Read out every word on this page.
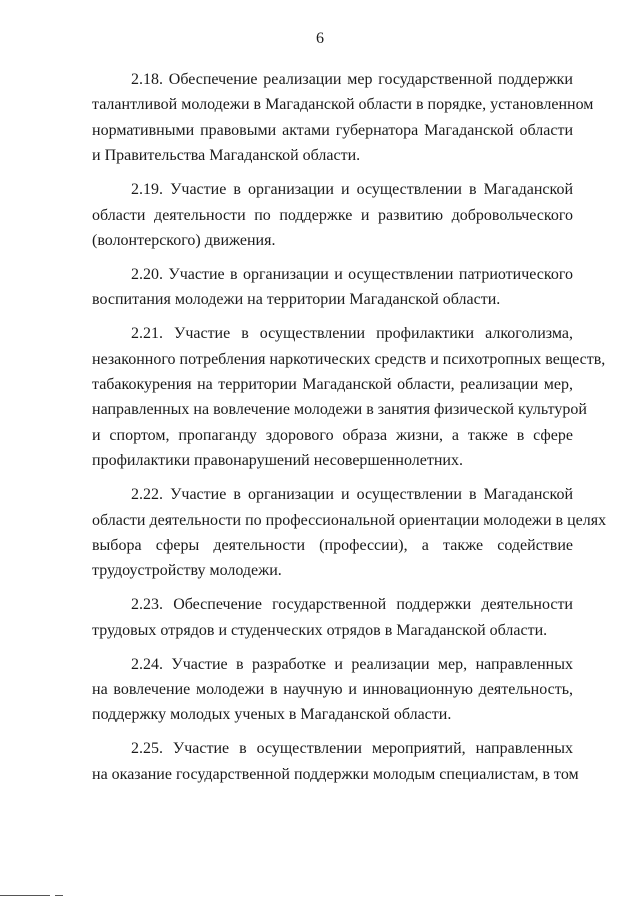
6
2.18. Обеспечение реализации мер государственной поддержки
талантливой молодежи в Магаданской области в порядке, установленном
нормативными правовыми актами губернатора Магаданской области
и Правительства Магаданской области.
2.19. Участие в организации и осуществлении в Магаданской
области деятельности по поддержке и развитию добровольческого
(волонтерского) движения.
2.20. Участие в организации и осуществлении патриотического
воспитания молодежи на территории Магаданской области.
2.21. Участие в осуществлении профилактики алкоголизма,
незаконного потребления наркотических средств и психотропных веществ,
табакокурения на территории Магаданской области, реализации мер,
направленных на вовлечение молодежи в занятия физической культурой
и спортом, пропаганду здорового образа жизни, а также в сфере
профилактики правонарушений несовершеннолетних.
2.22. Участие в организации и осуществлении в Магаданской
области деятельности по профессиональной ориентации молодежи в целях
выбора сферы деятельности (профессии), а также содействие
трудоустройству молодежи.
2.23. Обеспечение государственной поддержки деятельности
трудовых отрядов и студенческих отрядов в Магаданской области.
2.24. Участие в разработке и реализации мер, направленных
на вовлечение молодежи в научную и инновационную деятельность,
поддержку молодых ученых в Магаданской области.
2.25. Участие в осуществлении мероприятий, направленных
на оказание государственной поддержки молодым специалистам, в том
